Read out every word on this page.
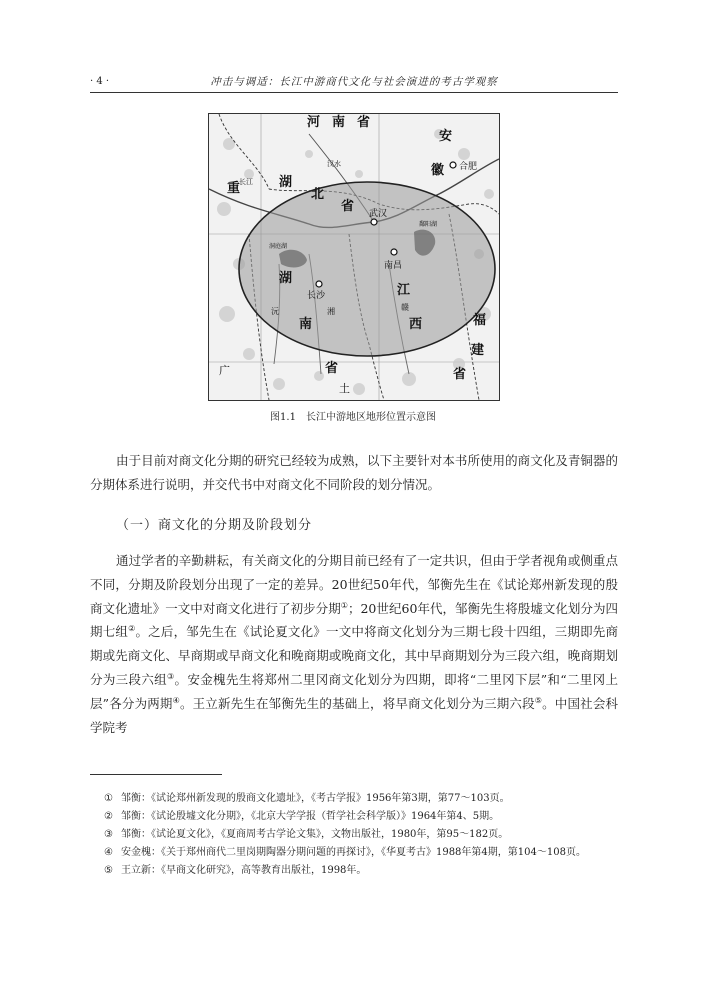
· 4 ·	冲击与调适：长江中游商代文化与社会演进的考古学观察
河南省
安
合肥
徽
重	湖
北
省 武汉
南昌
长沙
湖
南
江
西	福
建
省	省
广
土
长江
汉水
沅	湘	赣
洞庭湖
鄱阳湖
图1.1　长江中游地区地形位置示意图

由于目前对商文化分期的研究已经较为成熟，以下主要针对本书所使用的商文化及青铜器的分期体系进行说明，并交代书中对商文化不同阶段的划分情况。

（一）商文化的分期及阶段划分

通过学者的辛勤耕耘，有关商文化的分期目前已经有了一定共识，但由于学者视角或侧重点不同，分期及阶段划分出现了一定的差异。20世纪50年代，邹衡先生在《试论郑州新发现的殷商文化遗址》一文中对商文化进行了初步分期①；20世纪60年代，邹衡先生将殷墟文化划分为四期七组②。之后，邹先生在《试论夏文化》一文中将商文化划分为三期七段十四组，三期即先商期或先商文化、早商期或早商文化和晚商期或晚商文化，其中早商期划分为三段六组，晚商期划分为三段六组③。安金槐先生将郑州二里冈商文化划分为四期，即将“二里冈下层”和“二里冈上层”各分为两期④。王立新先生在邹衡先生的基础上，将早商文化划分为三期六段⑤。中国社会科学院考

① 邹衡：《试论郑州新发现的殷商文化遗址》，《考古学报》1956年第3期，第77～103页。

② 邹衡：《试论殷墟文化分期》，《北京大学学报（哲学社会科学版）》1964年第4、5期。

③ 邹衡：《试论夏文化》，《夏商周考古学论文集》，文物出版社，1980年，第95～182页。

④ 安金槐：《关于郑州商代二里岗期陶器分期问题的再探讨》，《华夏考古》1988年第4期，第104～108页。

⑤ 王立新：《早商文化研究》，高等教育出版社，1998年。
